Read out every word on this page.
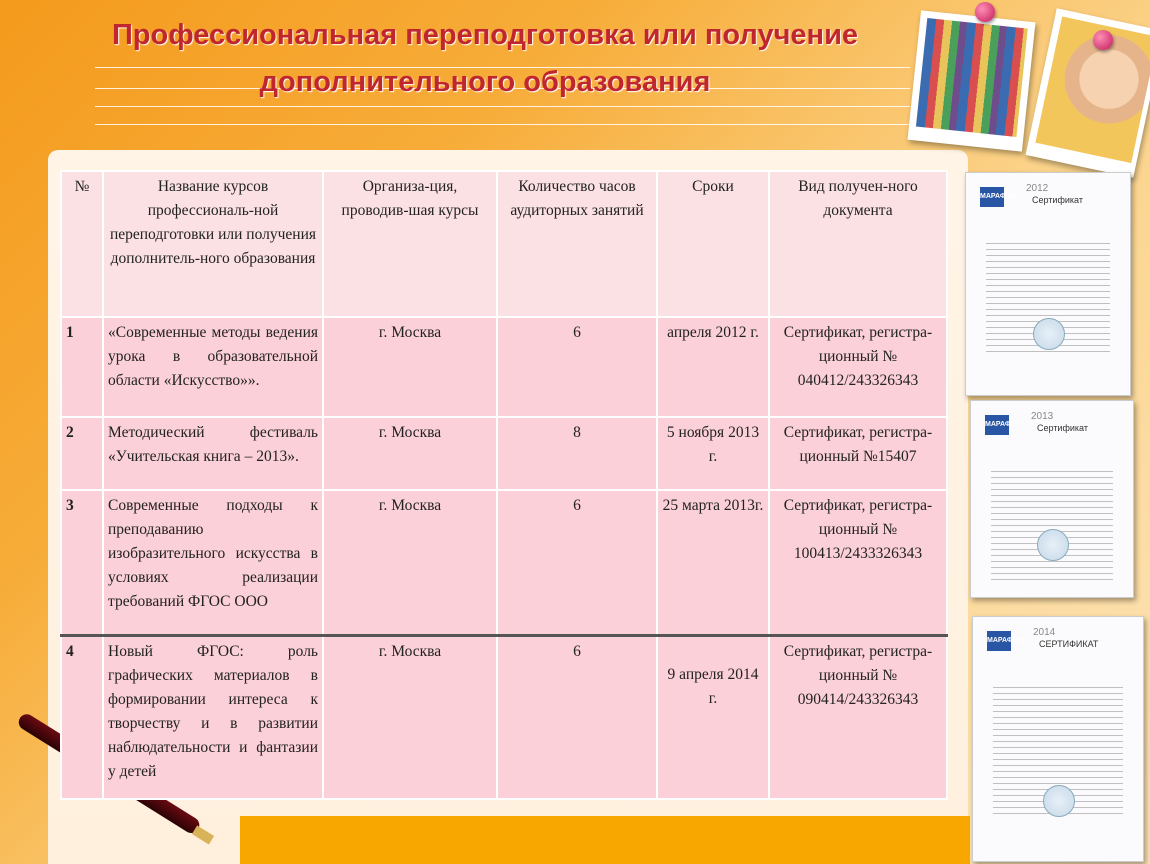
Профессиональная переподготовка или получение
дополнительного образования
МАРАФОН
2012
Сертификат
МАРАФОН
2013
Сертификат
МАРАФОН
2014
СЕРТИФИКАТ
№	Название курсов профессиональ-ной переподготовки или получения дополнитель-ного образования	Организа-ция, проводив-шая курсы	Количество часов аудиторных занятий	Сроки	Вид получен-ного документа
1	«Современные методы ведения урока в образовательной области «Искусство»».	г. Москва	6	апреля 2012 г.	Сертификат, регистра-ционный № 040412/243326343
2	Методический фестиваль «Учительская книга – 2013».	г. Москва	8	5 ноября 2013 г.	Сертификат, регистра-ционный №15407
3	Современные подходы к преподаванию изобразительного искусства в условиях реализации требований ФГОС ООО	г. Москва	6	25 марта 2013г.	Сертификат, регистра-ционный № 100413/2433326343
4	Новый ФГОС: роль графических материалов в формировании интереса к творчеству и в развитии наблюдательности и фантазии у детей	г. Москва	6	9 апреля 2014 г.	Сертификат, регистра-ционный № 090414/243326343
